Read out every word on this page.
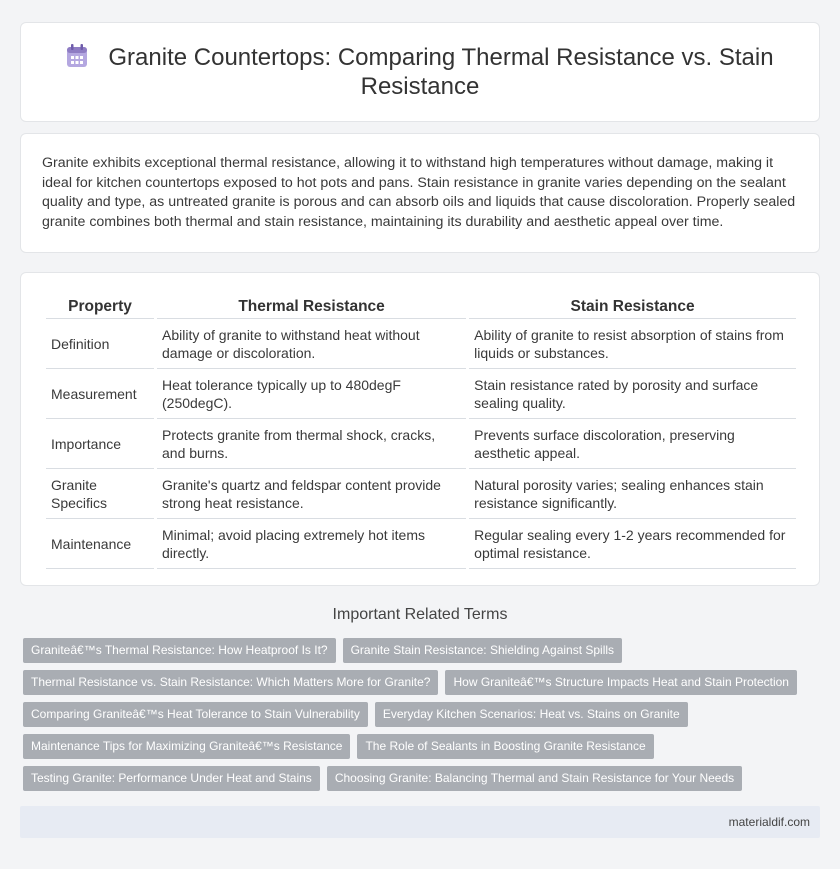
Granite Countertops: Comparing Thermal Resistance vs. Stain Resistance

Granite exhibits exceptional thermal resistance, allowing it to withstand high temperatures without damage, making it ideal for kitchen countertops exposed to hot pots and pans. Stain resistance in granite varies depending on the sealant quality and type, as untreated granite is porous and can absorb oils and liquids that cause discoloration. Properly sealed granite combines both thermal and stain resistance, maintaining its durability and aesthetic appeal over time.

Property	Thermal Resistance	Stain Resistance
Definition	Ability of granite to withstand heat without damage or discoloration.	Ability of granite to resist absorption of stains from liquids or substances.
Measurement	Heat tolerance typically up to 480degF (250degC).	Stain resistance rated by porosity and surface sealing quality.
Importance	Protects granite from thermal shock, cracks, and burns.	Prevents surface discoloration, preserving aesthetic appeal.
Granite Specifics	Granite's quartz and feldspar content provide strong heat resistance.	Natural porosity varies; sealing enhances stain resistance significantly.
Maintenance	Minimal; avoid placing extremely hot items directly.	Regular sealing every 1-2 years recommended for optimal resistance.
Important Related Terms
Graniteâ€™s Thermal Resistance: How Heatproof Is It? Granite Stain Resistance: Shielding Against Spills
Thermal Resistance vs. Stain Resistance: Which Matters More for Granite? How Graniteâ€™s Structure Impacts Heat and Stain Protection
Comparing Graniteâ€™s Heat Tolerance to Stain Vulnerability Everyday Kitchen Scenarios: Heat vs. Stains on Granite
Maintenance Tips for Maximizing Graniteâ€™s Resistance The Role of Sealants in Boosting Granite Resistance
Testing Granite: Performance Under Heat and Stains Choosing Granite: Balancing Thermal and Stain Resistance for Your Needs
materialdif.com
